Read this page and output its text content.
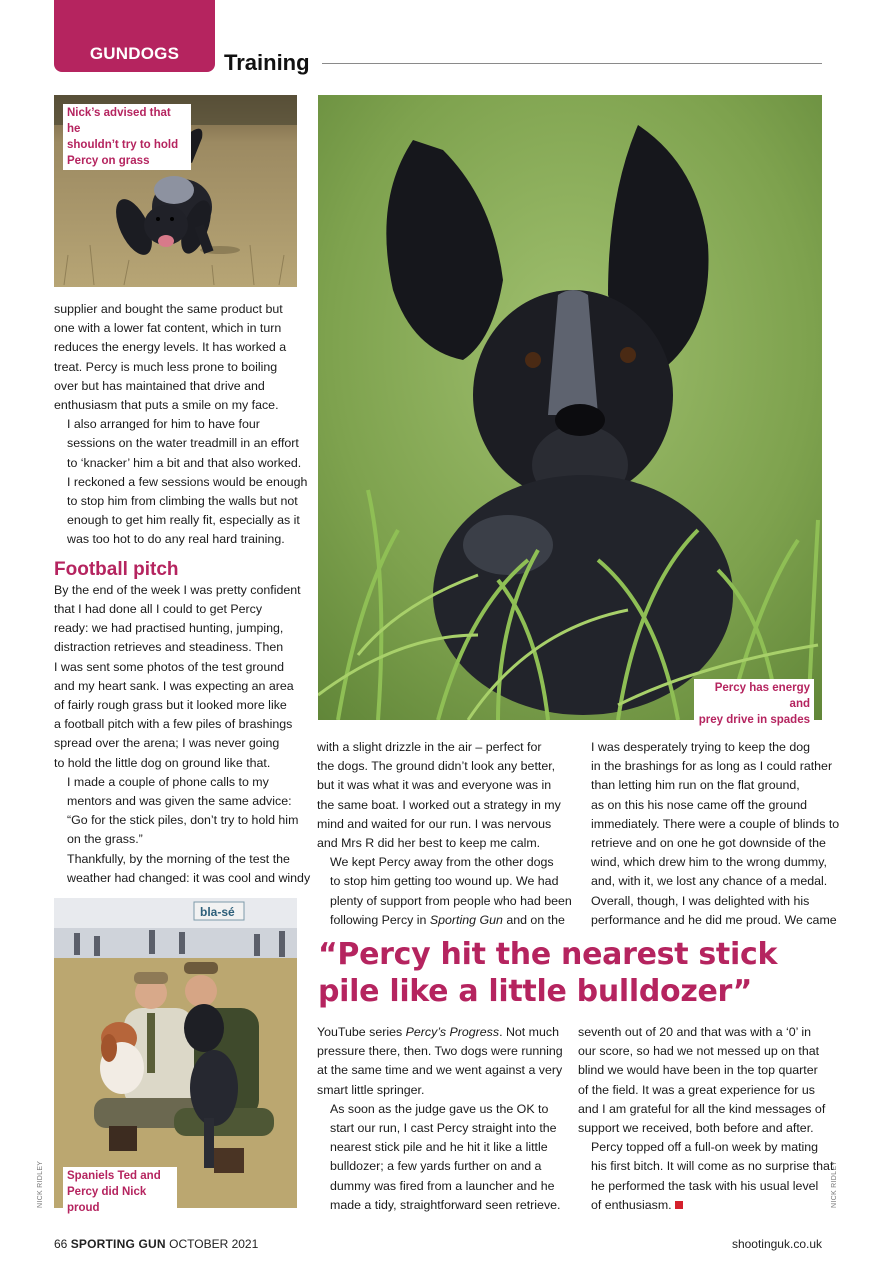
GUNDOGS Training
Nick’s advised that he
shouldn’t try to hold
Percy on grass
Percy has energy and
prey drive in spades
bla-sé
Spaniels Ted and
Percy did Nick proud
NICK RIDLEY	NICK RIDLEY

supplier and bought the same product but
one with a lower fat content, which in turn
reduces the energy levels. It has worked a
treat. Percy is much less prone to boiling
over but has maintained that drive and
enthusiasm that puts a smile on my face.

I also arranged for him to have four
sessions on the water treadmill in an effort
to ‘knacker’ him a bit and that also worked.
I reckoned a few sessions would be enough
to stop him from climbing the walls but not
enough to get him really fit, especially as it
was too hot to do any real hard training.

Football pitch

By the end of the week I was pretty confident
that I had done all I could to get Percy
ready: we had practised hunting, jumping,
distraction retrieves and steadiness. Then
I was sent some photos of the test ground
and my heart sank. I was expecting an area
of fairly rough grass but it looked more like
a football pitch with a few piles of brashings
spread over the arena; I was never going
to hold the little dog on ground like that.

I made a couple of phone calls to my
mentors and was given the same advice:
“Go for the stick piles, don’t try to hold him
on the grass.”

Thankfully, by the morning of the test the
weather had changed: it was cool and windy

with a slight drizzle in the air – perfect for
the dogs. The ground didn’t look any better,
but it was what it was and everyone was in
the same boat. I worked out a strategy in my
mind and waited for our run. I was nervous
and Mrs R did her best to keep me calm.

We kept Percy away from the other dogs
to stop him getting too wound up. We had
plenty of support from people who had been
following Percy in Sporting Gun and on the

I was desperately trying to keep the dog
in the brashings for as long as I could rather
than letting him run on the flat ground,
as on this his nose came off the ground
immediately. There were a couple of blinds to
retrieve and on one he got downside of the
wind, which drew him to the wrong dummy,
and, with it, we lost any chance of a medal.

Overall, though, I was delighted with his
performance and he did me proud. We came

“Percy hit the nearest stick
pile like a little bulldozer”

YouTube series Percy’s Progress. Not much
pressure there, then. Two dogs were running
at the same time and we went against a very
smart little springer.

As soon as the judge gave us the OK to
start our run, I cast Percy straight into the
nearest stick pile and he hit it like a little
bulldozer; a few yards further on and a
dummy was fired from a launcher and he
made a tidy, straightforward seen retrieve.

seventh out of 20 and that was with a ‘0’ in
our score, so had we not messed up on that
blind we would have been in the top quarter
of the field. It was a great experience for us
and I am grateful for all the kind messages of
support we received, both before and after.

Percy topped off a full-on week by mating
his first bitch. It will come as no surprise that
he performed the task with his usual level
of enthusiasm.

66 SPORTING GUN OCTOBER 2021	shootinguk.co.uk
